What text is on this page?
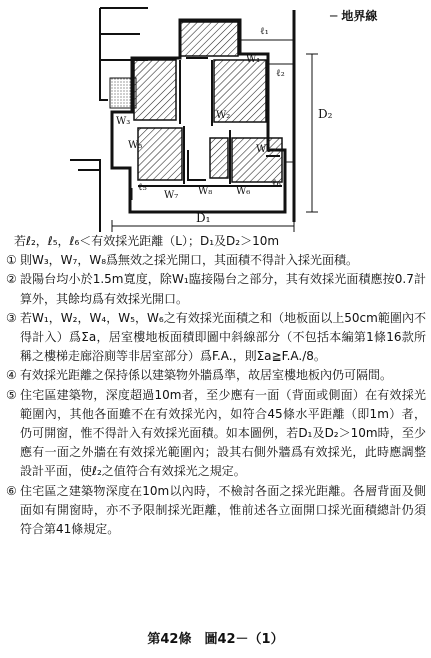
ℓ₁
W₁
ℓ₂
W₃
W₂
W₄
W₅
W₈ W₆
W₇
ℓ₅	ℓ₆
D₂
D₁
─ 地界線
若ℓ₂，ℓ₅，ℓ₆＜有效採光距離（L）；D₁及D₂＞10m
① 則W₃，W₇，W₈爲無效之採光開口，其面積不得計入採光面積。
② 設陽台均小於1.5m寬度，除W₁臨接陽台之部分，其有效採光面積應按0.7計算外，其餘均爲有效採光開口。
③ 若W₁，W₂，W₄，W₅，W₆之有效採光面積之和（地板面以上50cm範圍內不得計入）爲Σa，居室樓地板面積即圖中斜線部分（不包括本編第1條16款所稱之樓梯走廊浴廁等非居室部分）爲F.A.，則Σa≧F.A./8。
④ 有效採光距離之保持係以建築物外牆爲準，故居室樓地板內仍可隔間。
⑤ 住宅區建築物，深度超過10m者，至少應有一面（背面或側面）在有效採光範圍內，其他各面雖不在有效採光內，如符合45條水平距離（即1m）者，仍可開窗，惟不得計入有效採光面積。如本圖例，若D₁及D₂＞10m時，至少應有一面之外牆在有效採光範圍內；設其右側外牆爲有效採光，此時應調整設計平面，使ℓ₂之值符合有效採光之規定。
⑥ 住宅區之建築物深度在10m以內時，不檢討各面之採光距離。各層背面及側面如有開窗時，亦不予限制採光距離，惟前述各立面開口採光面積總計仍須符合第41條規定。
第42條　圖42－（1）
